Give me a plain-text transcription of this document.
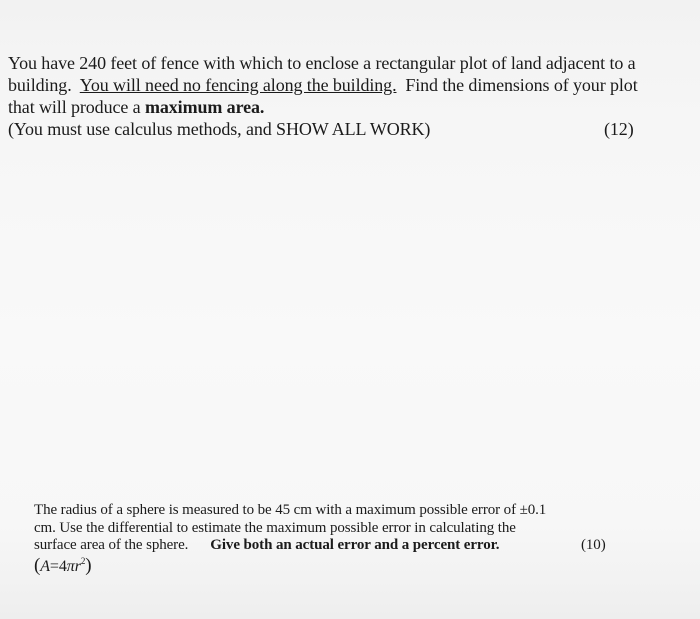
You have 240 feet of fence with which to enclose a rectangular plot of land adjacent to a
building. You will need no fencing along the building. Find the dimensions of your plot
that will produce a maximum area.
(You must use calculus methods, and SHOW ALL WORK)	(12)
The radius of a sphere is measured to be 45 cm with a maximum possible error of ±0.1
cm. Use the differential to estimate the maximum possible error in calculating the
surface area of the sphere. Give both an actual error and a percent error.	(10)
$(A=4\pi r^2)$
